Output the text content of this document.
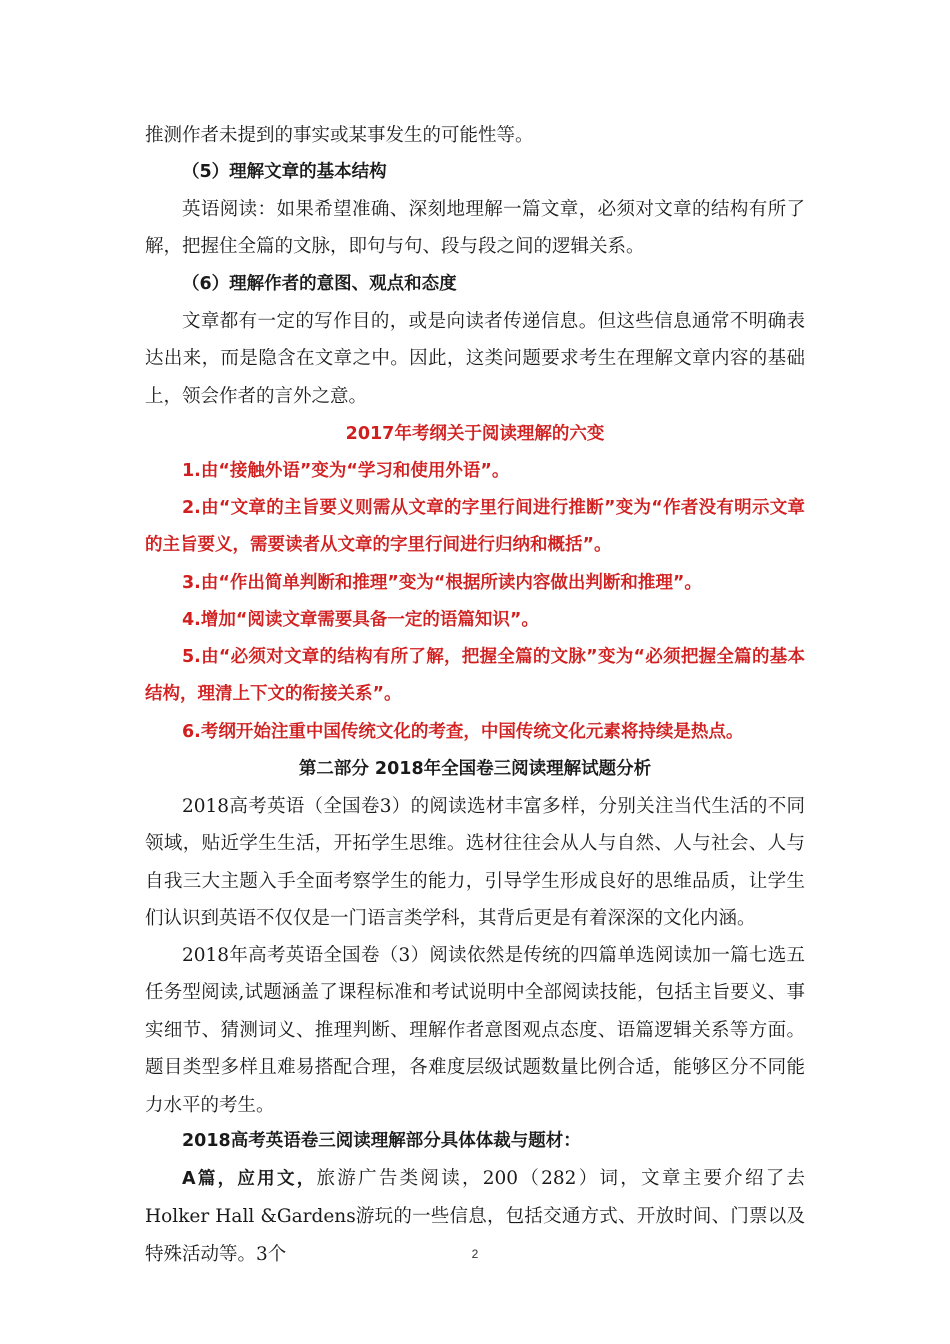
推测作者未提到的事实或某事发生的可能性等。

（5）理解文章的基本结构

英语阅读：如果希望准确、深刻地理解一篇文章，必须对文章的结构有所了解，把握住全篇的文脉，即句与句、段与段之间的逻辑关系。

（6）理解作者的意图、观点和态度

文章都有一定的写作目的，或是向读者传递信息。但这些信息通常不明确表达出来，而是隐含在文章之中。因此，这类问题要求考生在理解文章内容的基础上，领会作者的言外之意。

2017年考纲关于阅读理解的六变

1.由“接触外语”变为“学习和使用外语”。

2.由“文章的主旨要义则需从文章的字里行间进行推断”变为“作者没有明示文章的主旨要义，需要读者从文章的字里行间进行归纳和概括”。

3.由“作出简单判断和推理”变为“根据所读内容做出判断和推理”。

4.增加“阅读文章需要具备一定的语篇知识”。

5.由“必须对文章的结构有所了解，把握全篇的文脉”变为“必须把握全篇的基本结构，理清上下文的衔接关系”。

6.考纲开始注重中国传统文化的考查，中国传统文化元素将持续是热点。

第二部分 2018年全国卷三阅读理解试题分析

2018高考英语（全国卷3）的阅读选材丰富多样，分别关注当代生活的不同领域，贴近学生生活，开拓学生思维。选材往往会从人与自然、人与社会、人与自我三大主题入手全面考察学生的能力，引导学生形成良好的思维品质，让学生们认识到英语不仅仅是一门语言类学科，其背后更是有着深深的文化内涵。

2018年高考英语全国卷（3）阅读依然是传统的四篇单选阅读加一篇七选五任务型阅读,试题涵盖了课程标准和考试说明中全部阅读技能，包括主旨要义、事实细节、猜测词义、推理判断、理解作者意图观点态度、语篇逻辑关系等方面。题目类型多样且难易搭配合理，各难度层级试题数量比例合适，能够区分不同能力水平的考生。

2018高考英语卷三阅读理解部分具体体裁与题材：

A篇，应用文，旅游广告类阅读，200（282）词，文章主要介绍了去Holker Hall &Gardens游玩的一些信息，包括交通方式、开放时间、门票以及特殊活动等。3个	2
